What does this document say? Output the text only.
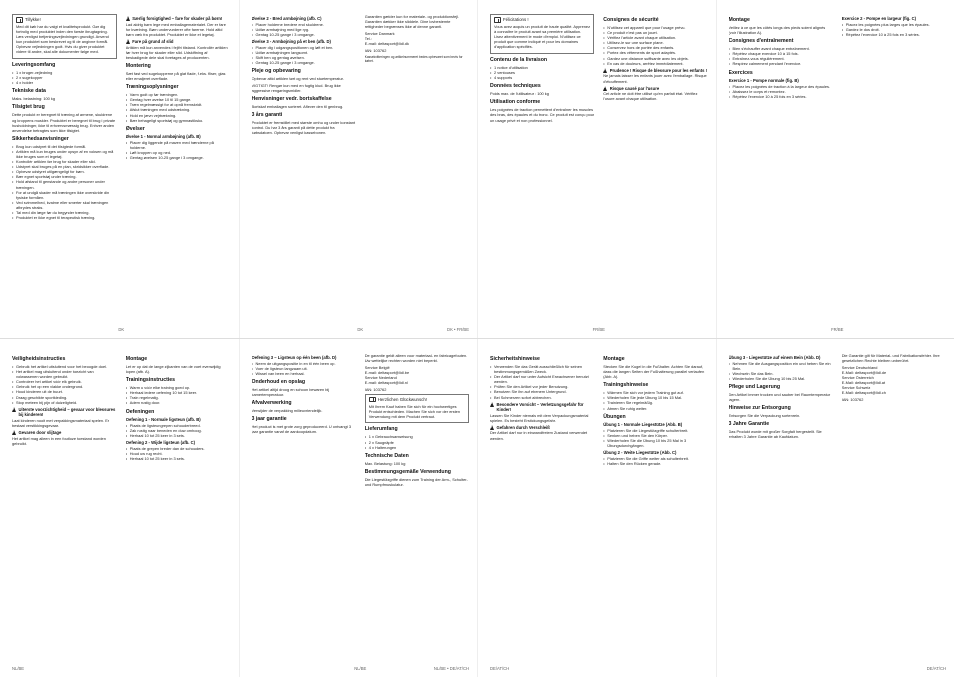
Tillykke!

Med dit køb har du valgt et kvalitetsprodukt. Gør dig fortrolig med produktet inden den første ibrugtagning. Læs venligst betjeningsvejledningen grundigt. Anvend kun produktet som beskrevet og til de angivne formål. Opbevar vejledningen godt. Hvis du giver produktet videre til andre, skal alle dokumenter følge med.

Leveringsomfang
• 1 x bruger-vejledning
• 2 x sugekopper
• 4 x holder
Tekniske data

Maks. belastning: 100 kg

Tilsigtet brug

Dette produkt er beregnet til træning af armene, skuldrene og kroppens muskler. Produktet er beregnet til brug i private husholdninger, ikke til erhvervsmæssig brug. Enhver anden anvendelse betragtes som ikke tilsigtet.

Sikkerhedsanvisninger
• Brug kun udstyret til det tilsigtede formål.
• Artiklen må kun bruges under opsyn af en voksen og må ikke bruges som et legetøj.
• Kontrollér artiklen før brug for skader eller slid.
• Udstyret skal bruges på en plan, skridsikker overflade.
• Opbevar udstyret utilgængeligt for børn.
• Bær egnet sportstøj under træning.
• Hold afstand til genstande og andre personer under træningen.
• For at undgå skader må træningen ikke overskride din fysiske formåen.
• Ved svimmelhed, kvalme eller smerter skal træningen afbrydes straks.
• Tal med din læge før du begynder træning.
• Produktet er ikke egnet til terapeutisk træning.
!
Særlig forsigtighed – fare for skader på børn!

Lad aldrig børn lege med emballagematerialet. Der er fare for kvælning. Børn undervurderer ofte farerne. Hold altid børn væk fra produktet. Produktet er ikke et legetøj.

!
Fare på grund af slid

Artiklen må kun anvendes i fejlfri tilstand. Kontrollér artiklen før hver brug for skader eller slid. Udskiftning af beskadigede dele skal foretages af producenten.

Montering

Sæt fast ved sugekopperne på glat flade, f.eks. fliser, glas eller emaljeret overflade.

Træningsoplysninger
• Varm godt op før træningen.
• Gentag hver øvelse 10 til 15 gange.
• Træn regelmæssigt for at opnå fremskridt.
• Afslut træningen med udstrækning.
• Hold en jævn vejrtrækning.
• Bær behageligt sportstøj og gymnastiksko.
Øvelser
Øvelse 1 - Normal armbøjning (afb. B)
• Placer dig liggende på maven med hænderne på holderne.
• Løft kroppen op og ned.
• Gentag øvelsen 10-25 gange i 3 omgange.
DK
Øvelse 2 - Bred armbøjning (afb. C)
• Placer holderne bredere end skuldrene.
• Udfør armbøjning med lige ryg.
• Gentag 10-25 gange i 3 omgange.
Øvelse 3 - Armbøjning på et ben (afb. D)
• Placer dig i udgangspositionen og løft et ben.
• Udfør armbøjningen langsomt.
• Skift ben og gentag øvelsen.
• Gentag 10-25 gange i 3 omgange.
Pleje og opbevaring

Opbevar altid artiklen tørt og rent ved stuetemperatur.

VIGTIGT! Rengør kun med en fugtig klud. Brug ikke aggressive rengøringsmidler.

Henvisninger vedr. bortskaffelse

Bortskaf emballagen sorteret. Aflever den til genbrug.

3 års garanti

Produktet er fremstillet med største omhu og under konstant kontrol. Du har 3 års garanti på dette produkt fra købsdatoen. Opbevar venligst kassebonen.

Garantien gælder kun for materiale- og produktionsfejl. Garantien dækker ikke sliddele. Dine lovbestemte rettigheder begrænses ikke af denne garanti.

Service Danmark
Tel.:
E-mail: deltasport@lidl.dk

IAN: 103762

Kassekvitteringen og artikelnummeret bedes opbevaret som bevis for købet.

DK	DK • FR/BE
Félicitations !

Vous avez acquis un produit de haute qualité. Apprenez à connaître le produit avant sa première utilisation. Lisez attentivement le mode d'emploi. N'utilisez ce produit que comme indiqué et pour les domaines d'application spécifiés.

Contenu de la livraison
• 1 notice d'utilisation
• 2 ventouses
• 4 supports
Données techniques

Poids max. de l'utilisateur : 100 kg

Utilisation conforme

Les poignées de traction permettent d'entraîner les muscles des bras, des épaules et du tronc. Ce produit est conçu pour un usage privé et non professionnel.

Consignes de sécurité
• N'utilisez cet appareil que pour l'usage prévu.
• Ce produit n'est pas un jouet.
• Vérifiez l'article avant chaque utilisation.
• Utilisez-le sur une surface plane.
• Conservez hors de portée des enfants.
• Portez des vêtements de sport adaptés.
• Gardez une distance suffisante avec les objets.
• En cas de douleurs, arrêtez immédiatement.
!
Prudence ! Risque de blessure pour les enfants !

Ne jamais laisser les enfants jouer avec l'emballage. Risque d'étouffement.

!
Risque causé par l'usure

Cet article ne doit être utilisé qu'en parfait état. Vérifiez l'usure avant chaque utilisation.

FR/BE
Montage

Veillez à ce que les côtés longs des pieds soient alignés (voir l'illustration A).

Consignes d'entraînement
• Bien s'échauffer avant chaque entraînement.
• Répétez chaque exercice 10 à 15 fois.
• Entraînez-vous régulièrement.
• Respirez calmement pendant l'exercice.
Exercices
Exercice 1 - Pompe normale (fig. B)
• Placez les poignées de traction à la largeur des épaules.
• Abaissez le corps et remontez.
• Répétez l'exercice 10 à 25 fois en 3 séries.
Exercice 2 - Pompe en largeur (fig. C)
• Placez les poignées plus larges que les épaules.
• Gardez le dos droit.
• Répétez l'exercice 10 à 25 fois en 3 séries.
FR/BE
Veiligheidsinstructies
• Gebruik het artikel uitsluitend voor het beoogde doel.
• Het artikel mag uitsluitend onder toezicht van volwassenen worden gebruikt.
• Controleer het artikel vóór elk gebruik.
• Gebruik het op een vlakke ondergrond.
• Houd kinderen uit de buurt.
• Draag geschikte sportkleding.
• Stop meteen bij pijn of duizeligheid.
!
Uiterste voorzichtigheid – gevaar voor blessures bij kinderen!

Laat kinderen nooit met verpakkingsmateriaal spelen. Er bestaat verstikkingsgevaar.

!
Gevaren door slijtage

Het artikel mag alleen in een foutloze toestand worden gebruikt.

Montage

Let er op dat de lange zijkanten van de voet evenwijdig lopen (afb. A).

Trainingsinstructies
• Warm u vóór elke training goed op.
• Herhaal iedere oefening 10 tot 15 keer.
• Train regelmatig.
• Adem rustig door.
Oefeningen
Oefening 1 - Normale ligsteun (afb. B)
• Plaats de ligsteungrepen schouderbreed.
• Zak rustig naar beneden en duw omhoog.
• Herhaal 10 tot 25 keer in 3 sets.
Oefening 2 - Wijde ligsteun (afb. C)
• Plaats de grepen breder dan de schouders.
• Houd uw rug recht.
• Herhaal 10 tot 25 keer in 3 sets.
NL/BE
Oefening 3 – Ligsteun op één been (afb. D)
• Neem de uitgangspositie in en til één been op.
• Voer de ligsteun langzaam uit.
• Wissel van been en herhaal.
Onderhoud en opslag

Het artikel altijd droog en schoon bewaren bij kamertemperatuur.

Afvalverwerking

Verwijder de verpakking milieuvriendelijk.

3 jaar garantie

Het product is met grote zorg geproduceerd. U ontvangt 3 jaar garantie vanaf de aankoopdatum.

De garantie geldt alleen voor materiaal- en fabricagefouten. Uw wettelijke rechten worden niet beperkt.

Service België
E-mail: deltasport@lidl.be
Service Nederland
E-mail: deltasport@lidl.nl

IAN: 103762

Herzlichen Glückwunsch!

Mit Ihrem Kauf haben Sie sich für ein hochwertiges Produkt entschieden. Machen Sie sich vor der ersten Verwendung mit dem Produkt vertraut.

Lieferumfang
• 1 x Gebrauchsanweisung
• 2 x Saugnäpfe
• 4 x Halterungen
Technische Daten

Max. Belastung: 100 kg

Bestimmungsgemäße Verwendung

Die Liegestützgriffe dienen zum Training der Arm-, Schulter- und Rumpfmuskulatur.

NL/BE	NL/BE • DE/AT/CH
Sicherheitshinweise
• Verwenden Sie das Gerät ausschließlich für seinen bestimmungsgemäßen Zweck.
• Der Artikel darf nur unter Aufsicht Erwachsener benutzt werden.
• Prüfen Sie den Artikel vor jeder Benutzung.
• Benutzen Sie ihn auf ebenem Untergrund.
• Bei Schmerzen sofort abbrechen.
!
Besondere Vorsicht – Verletzungsgefahr für Kinder!

Lassen Sie Kinder niemals mit dem Verpackungsmaterial spielen. Es besteht Erstickungsgefahr.

!
Gefahren durch Verschleiß

Der Artikel darf nur in einwandfreiem Zustand verwendet werden.

Montage

Stecken Sie die Kugel in die Fußhalter. Achten Sie darauf, dass die langen Seiten der Fußhalterung parallel verlaufen (Abb. A).

Trainingshinweise
• Wärmen Sie sich vor jedem Training gut auf.
• Wiederholen Sie jede Übung 10 bis 15 Mal.
• Trainieren Sie regelmäßig.
• Atmen Sie ruhig weiter.
Übungen
Übung 1 - Normale Liegestütze (Abb. B)
• Platzieren Sie die Liegestützgriffe schulterbreit.
• Senken und heben Sie den Körper.
• Wiederholen Sie die Übung 10 bis 25 Mal in 3 Übungsdurchgängen.
Übung 2 - Weite Liegestütze (Abb. C)
• Platzieren Sie die Griffe weiter als schulterbreit.
• Halten Sie den Rücken gerade.
DE/AT/CH
Übung 3 - Liegestütze auf einem Bein (Abb. D)
• Nehmen Sie die Ausgangsposition ein und heben Sie ein Bein.
• Wechseln Sie das Bein.
• Wiederholen Sie die Übung 10 bis 25 Mal.
Pflege und Lagerung

Den Artikel immer trocken und sauber bei Raumtemperatur lagern.

Hinweise zur Entsorgung

Entsorgen Sie die Verpackung sortenrein.

3 Jahre Garantie

Das Produkt wurde mit großer Sorgfalt hergestellt. Sie erhalten 3 Jahre Garantie ab Kaufdatum.

Die Garantie gilt für Material- und Fabrikationsfehler. Ihre gesetzlichen Rechte bleiben unberührt.

Service Deutschland
E-Mail: deltasport@lidl.de
Service Österreich
E-Mail: deltasport@lidl.at
Service Schweiz
E-Mail: deltasport@lidl.ch

IAN: 103762

DE/AT/CH
